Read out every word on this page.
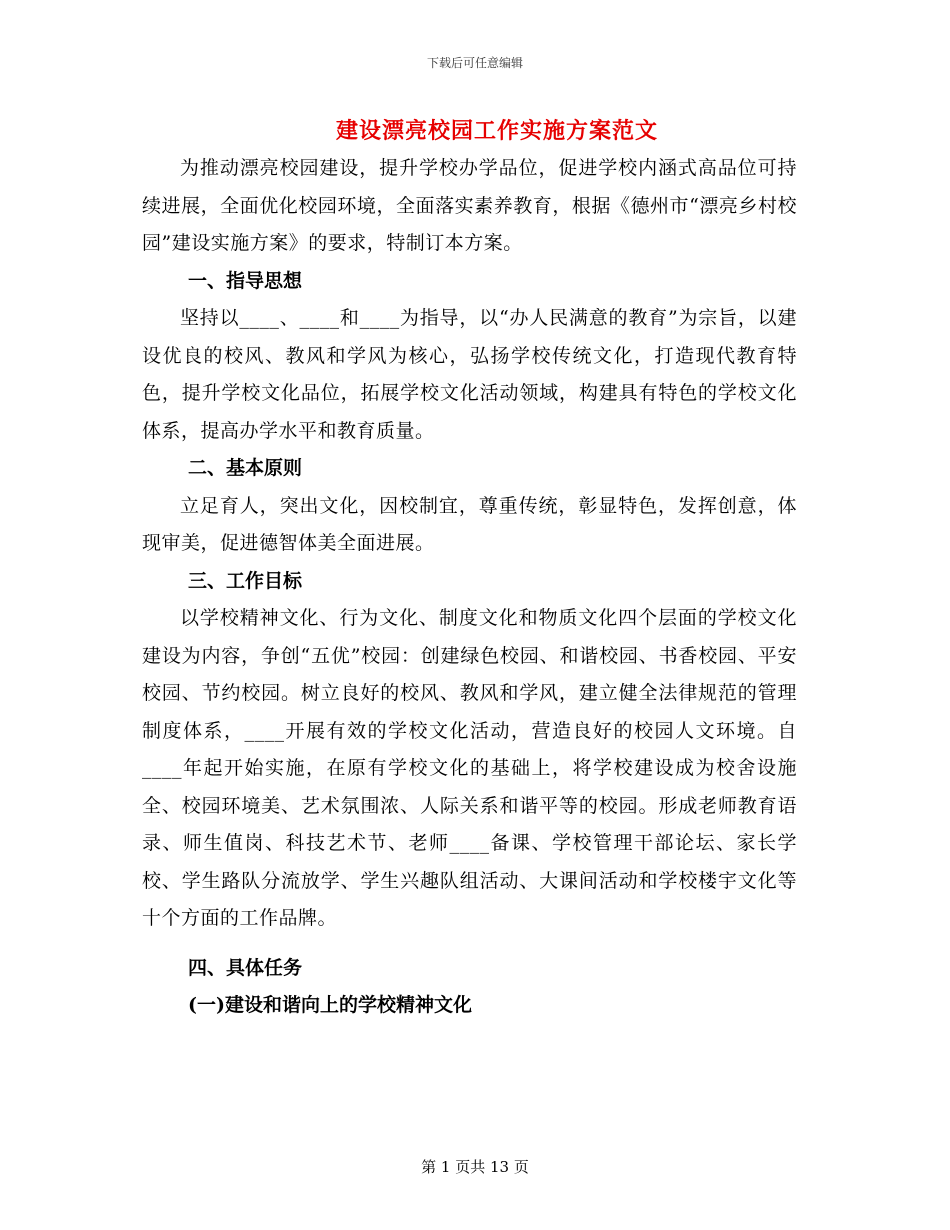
下载后可任意编辑
建设漂亮校园工作实施方案范文

为推动漂亮校园建设，提升学校办学品位，促进学校内涵式高品位可持续进展，全面优化校园环境，全面落实素养教育，根据《德州市“漂亮乡村校园”建设实施方案》的要求，特制订本方案。

一、指导思想

坚持以____、____和____为指导，以“办人民满意的教育”为宗旨，以建设优良的校风、教风和学风为核心，弘扬学校传统文化，打造现代教育特色，提升学校文化品位，拓展学校文化活动领域，构建具有特色的学校文化体系，提高办学水平和教育质量。

二、基本原则

立足育人，突出文化，因校制宜，尊重传统，彰显特色，发挥创意，体现审美，促进德智体美全面进展。

三、工作目标

以学校精神文化、行为文化、制度文化和物质文化四个层面的学校文化建设为内容，争创“五优”校园：创建绿色校园、和谐校园、书香校园、平安校园、节约校园。树立良好的校风、教风和学风，建立健全法律规范的管理制度体系，____开展有效的学校文化活动，营造良好的校园人文环境。自____年起开始实施，在原有学校文化的基础上，将学校建设成为校舍设施全、校园环境美、艺术氛围浓、人际关系和谐平等的校园。形成老师教育语录、师生值岗、科技艺术节、老师____备课、学校管理干部论坛、家长学校、学生路队分流放学、学生兴趣队组活动、大课间活动和学校楼宇文化等十个方面的工作品牌。

四、具体任务

(一)建设和谐向上的学校精神文化

第 1 页共 13 页
